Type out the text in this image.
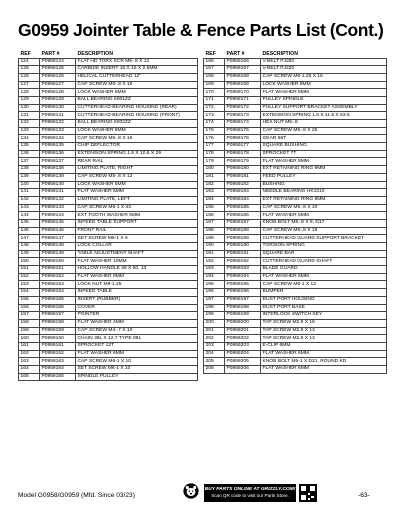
G0959 Jointer Table & Fence Parts List (Cont.)
REF	PART #	DESCRIPTION
124	P0959124	FLAT HD TORX SCR M5-.8 X 12
125	P0959125	CARBIDE INSERT 15 X 15 X 2.5MM
126	P0959126	HELICAL CUTTERHEAD 12"
127	P0959127	CAP SCREW M5-.8 X 16
128	P0959128	LOCK WASHER 5MM
129	P0959129	BALL BEARING 6001ZZ
130	P0959130	CUTTERHEAD BEARING HOUSING (REAR)
131	P0959131	CUTTERHEAD BEARING HOUSING (FRONT)
132	P0959132	BALL BEARING 6002ZZ
133	P0959133	LOCK WASHER 5MM
134	P0959134	CAP SCREW M5-.8 X 16
135	P0959135	CHIP DEFLECTOR
136	P0959136	EXTENSION SPRING 1.6 X 10.5 X 29
137	P0959137	REAR RAIL
138	P0959138	LIMITING PLATE, RIGHT
139	P0959139	CAP SCREW M5-.8 X 12
140	P0959140	LOCK WASHER 5MM
141	P0959141	FLAT WASHER 5MM
142	P0959142	LIMITING PLATE, LEFT
143	P0959143	CAP SCREW M6-1 X 43
144	P0959144	EXT TOOTH WASHER 6MM
145	P0959145	INFEED TABLE SUPPORT
146	P0959146	FRONT RAIL
147	P0959147	SET SCREW M6-1 X 6
148	P0959148	LOCK COLLAR
149	P0959149	TABLE ADJUSTMENT SHAFT
150	P0959150	FLAT WASHER 10MM
151	P0959151	HOLLOW HANDLE 38 X 50, 13
152	P0959152	FLAT WASHER 8MM
153	P0959153	LOCK NUT M8-1.25
154	P0959154	INFEED TABLE
155	P0959155	INSERT (RUBBER)
156	P0959156	COVER
157	P0959157	POINTER
158	P0959158	FLAT WASHER 4MM
159	P0959159	CAP SCREW M4-.7 X 10
160	P0959160	CHAIN 38L X 12.7 TYPE 081
161	P0959161	SPROCKET 12T
162	P0959162	FLAT WASHER 6MM
163	P0959163	CAP SCREW M6-1 X 10
164	P0959164	SET SCREW M6-1 X 10
165	P0959165	SPINDLE PULLEY
REF	PART #	DESCRIPTION
166	P0959166	V-BELT PJ280
167	P0959167	V-BELT PJ220
168	P0959168	CAP SCREW M6-1.25 X 16
169	P0959169	LOCK WASHER 8MM
170	P0959170	FLAT WASHER 8MM
171	P0959171	PULLEY SPINDLE
172	P0959172	PULLEY SUPPORT BRACKET ASSEMBLY
173	P0959173	EXTENSION SPRING 1.6 X 11.5 X 53.5
174	P0959174	HEX NUT M5-.8
175	P0959175	CAP SCREW M5-.8 X 25
176	P0959176	GEAR 86T
177	P0959177	SQUARE BUSHING
178	P0959178	SPROCKET 7T
179	P0959179	FLAT WASHER 8MM
180	P0959180	EXT RETAINING RING 9MM
181	P0959181	FEED PULLEY
182	P0959182	BUSHING
183	P0959183	NEEDLE BEARING HK1010
184	P0959184	EXT RETAINING RING 9MM
185	P0959185	CAP SCREW M5-.8 X 10
186	P0959186	FLAT WASHER 5MM
187	P0959187	KNOB BOLT M5-.8 X 9, D17
188	P0959188	CAP SCREW M5-.8 X 16
189	P0959189	CUTTERHEAD GUARD SUPPORT BRACKET
190	P0959190	TORSION SPRING
191	P0959191	SQUARE BAR
192	P0959192	CUTTERHEAD GUARD SHAFT
193	P0959193	BLADE GUARD
194	P0959194	FLAT WASHER 6MM
195	P0959195	CAP SCREW M6-1 X 12
196	P0959196	BUMPER
197	P0959197	DUST PORT HOUSING
198	P0959198	DUST PORT BASE
199	P0959199	INTERLOCK SWITCH KEY
200	P0959200	TAP SCREW M2.9 X 16
201	P0959201	TAP SCREW M2.9 X 13
202	P0959202	TAP SCREW M2.9 X 13
203	P0959203	E-CLIP 6MM
204	P0959204	FLAT WASHER 6MM
205	P0959205	KNOB BOLT M6-1 X D21, ROUND KD
206	P0959206	FLAT WASHER 6MM
Model G0958/G0959 (Mfd. Since 03/23)
BUY PARTS ONLINE AT GRIZZLY.COM!
Scan QR code to visit our Parts Store.	-63-
